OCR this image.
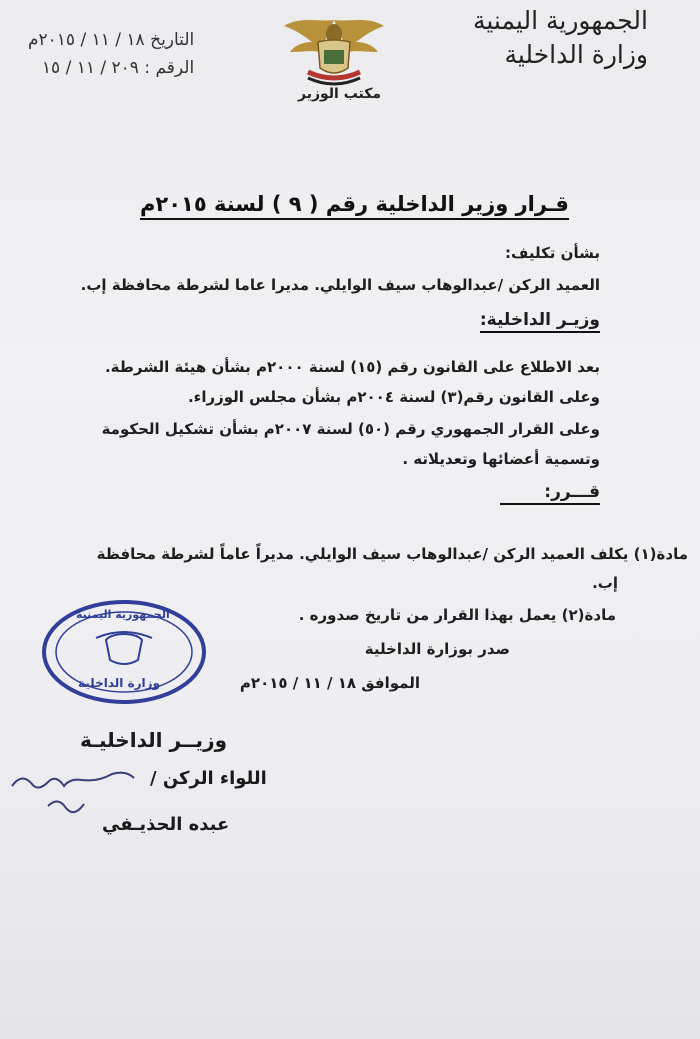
الجمهورية اليمنية
وزارة الداخلية
مكتب الوزير
التاريخ ١٨ / ١١ / ٢٠١٥م
الرقم : ٢٠٩ / ١١ / ١٥
قـرار وزير الداخلية رقم ( ٩ ) لسنة ٢٠١٥م
بشأن تكليف:
العميد الركن /عبدالوهاب سيف الوايلي. مديرا عاما لشرطة محافظة إب.
وزيـر الداخلية:
بعد الاطلاع على القانون رقم (١٥) لسنة ٢٠٠٠م بشأن هيئة الشرطة.
وعلى القانون رقم(٣) لسنة ٢٠٠٤م بشأن مجلس الوزراء.
وعلى القرار الجمهوري رقم (٥٠) لسنة ٢٠٠٧م بشأن تشكيل الحكومة
وتسمية أعضائها وتعديلاته .
قـــرر:
مادة(١) يكلف العميد الركن /عبدالوهاب سيف الوايلي. مديراً عاماً لشرطة محافظة
إب.
مادة(٢) يعمل بهذا القرار من تاريخ صدوره .
صدر بوزارة الداخلية
الموافق ١٨ / ١١ / ٢٠١٥م
الجمهورية اليمنية
وزارة الداخلية
وزيــر الداخليـة
اللواء الركن /
عبده الحذيـفي
